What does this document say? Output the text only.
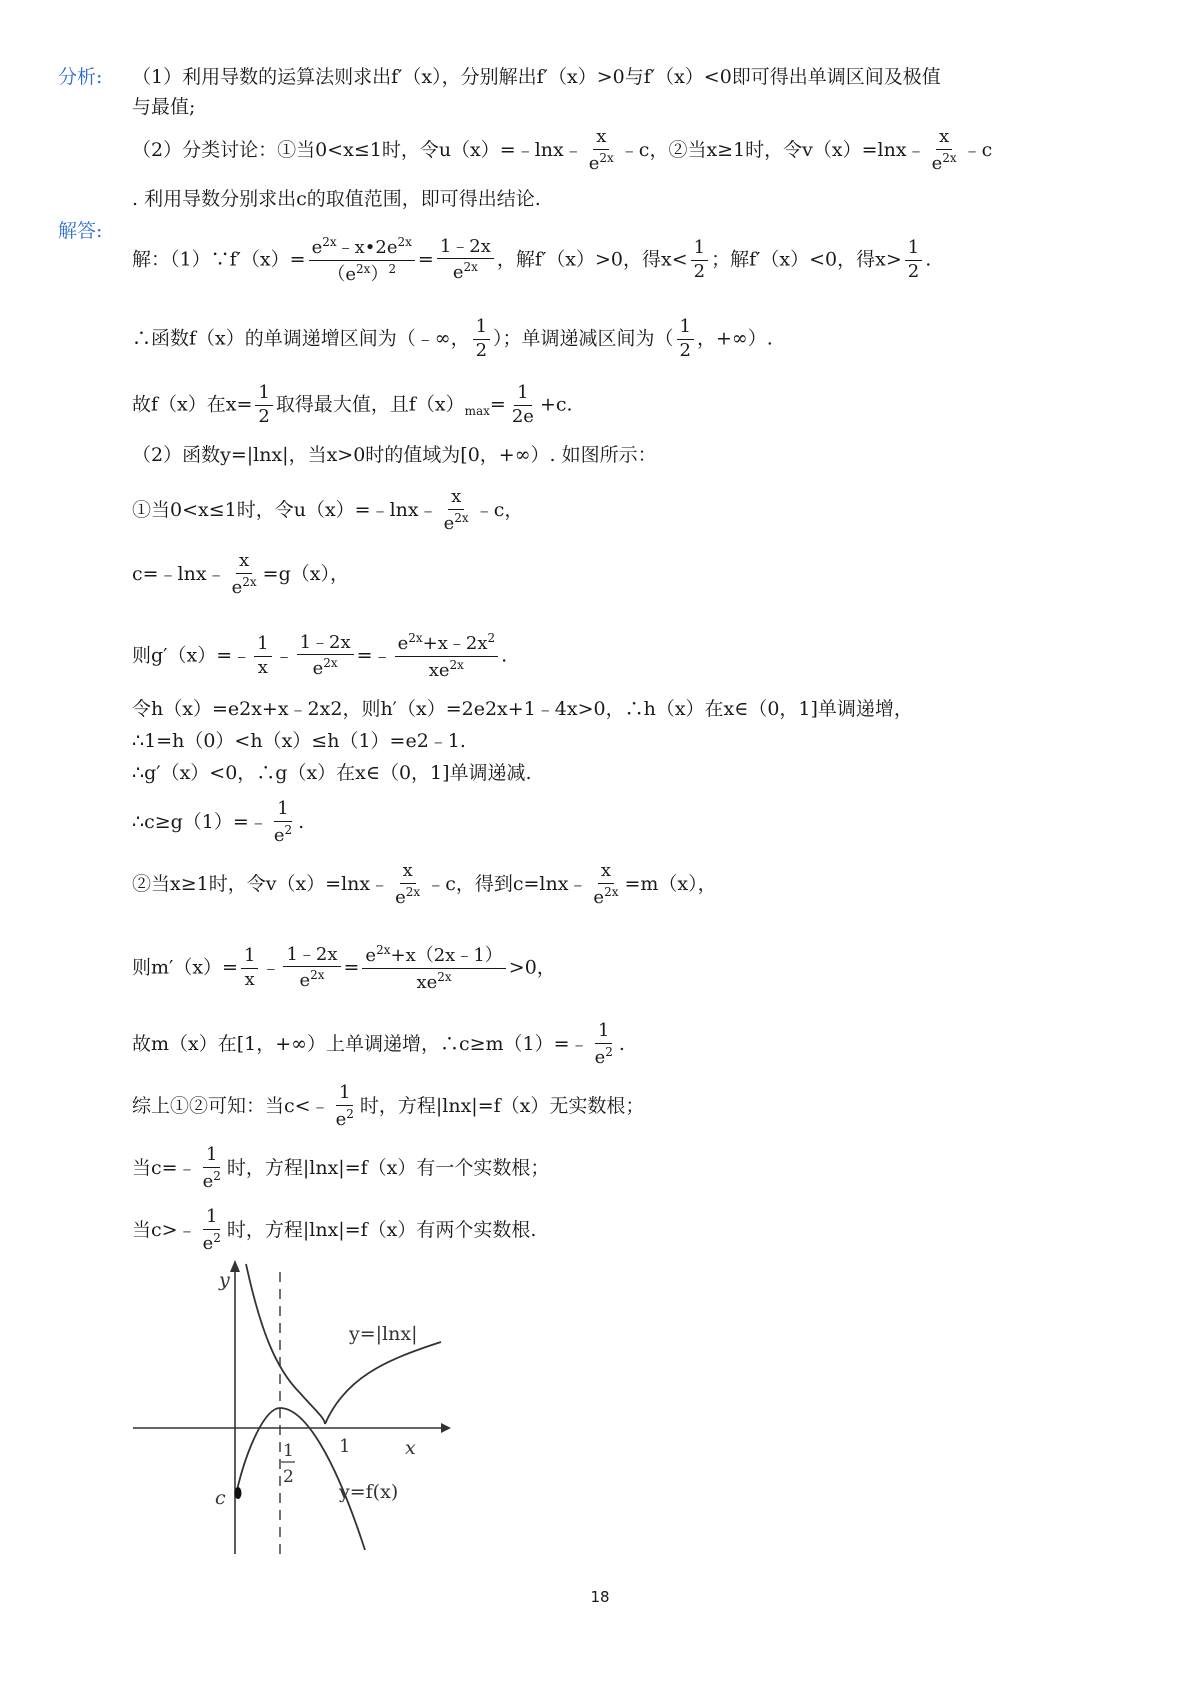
分析: （1）利用导数的运算法则求出f′（x），分别解出f′（x）>0与f′（x）<0即可得出单调区间及极值
与最值;
（2）分类讨论：①当0<x≤1时，令u（x）=﹣lnx﹣ $\frac{x}{e^{2x}}$ ﹣c，②当x≥1时，令v（x）=lnx﹣ $\frac{x}{e^{2x}}$ ﹣c
. 利用导数分别求出c的取值范围，即可得出结论.
解答:
解：（1）∵f′（x）= $\frac{e^{2x}﹣x•2e^{2x}}{(e^{2x})^2} = \frac{1﹣2x}{e^{2x}}$ ，解f′（x）>0，得$x< \frac{1}{2}$ ；解f′（x）<0，得$x> \frac{1}{2}$ .
∴函数f（x）的单调递增区间为（﹣∞， $\frac{1}{2}$ ）；单调递减区间为（ $\frac{1}{2}$ ，+∞）.
故f（x）在$x= \frac{1}{2}$ 取得最大值，且$f(x)_{max}= \frac{1}{2e} +c$.
（2）函数y=|lnx|，当x>0时的值域为[0，+∞）. 如图所示：
①当0<x≤1时，令u（x）=﹣lnx﹣ $\frac{x}{e^{2x}}$ ﹣c，
c=﹣lnx﹣ $\frac{x}{e^{2x}} =g(x)$，
则g′（x）=﹣ $\frac{1}{x}$ ﹣ $\frac{1﹣2x}{e^{2x}}$ =﹣ $\frac{e^{2x}+x﹣2x^2}{xe^{2x}}$ .
令h（x）=e2x+x﹣2x2，则h′（x）=2e2x+1﹣4x>0，∴h（x）在x∈（0，1]单调递增，
∴1=h（0）<h（x）≤h（1）=e2﹣1.
∴g′（x）<0，∴g（x）在x∈（0，1]单调递减.
∴c≥g（1）=﹣ $\frac{1}{e^2}$ .
②当x≥1时，令v（x）=lnx﹣ $\frac{x}{e^{2x}}$ ﹣c，得到c=lnx﹣ $\frac{x}{e^{2x}} =m(x)$，
则$m'(x)= \frac{1}{x}$ ﹣ $\frac{1﹣2x}{e^{2x}} = \frac{e^{2x}+x(2x﹣1)}{xe^{2x}} >0$，
故m（x）在[1，+∞）上单调递增，∴c≥m（1）=﹣ $\frac{1}{e^2}$ .
综上①②可知：当c<﹣ $\frac{1}{e^2}$ 时，方程|lnx|=f（x）无实数根；
当c=﹣ $\frac{1}{e^2}$ 时，方程|lnx|=f（x）有一个实数根；
当c>﹣ $\frac{1}{e^2}$ 时，方程|lnx|=f（x）有两个实数根.
y
x
y=|lnx|
y=f(x)
1
1
2
c
18
